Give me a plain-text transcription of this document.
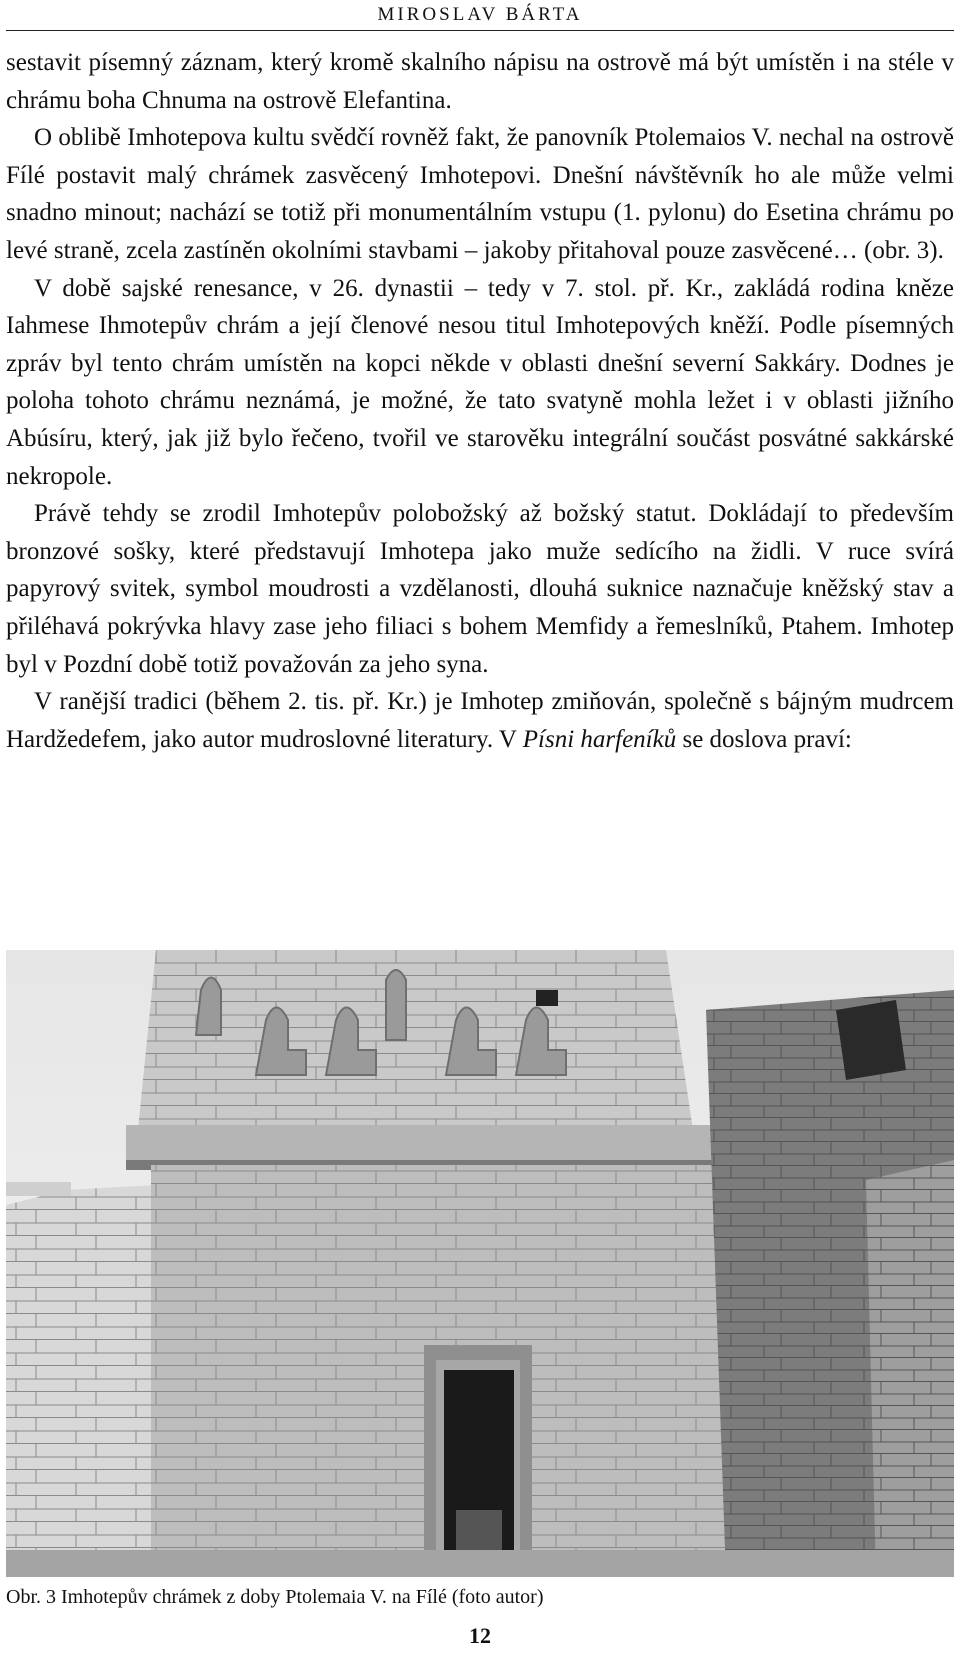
MIROSLAV BÁRTA

sestavit písemný záznam, který kromě skalního nápisu na ostrově má být umístěn i na stéle v chrámu boha Chnuma na ostrově Elefantina.

O oblibě Imhotepova kultu svědčí rovněž fakt, že panovník Ptolemaios V. nechal na ostrově Fílé postavit malý chrámek zasvěcený Imhotepovi. Dnešní návštěvník ho ale může velmi snadno minout; nachází se totiž při monumentálním vstupu (1. pylonu) do Esetina chrámu po levé straně, zcela zastíněn okolními stavbami – jakoby přitahoval pouze zasvěcené… (obr. 3).

V době sajské renesance, v 26. dynastii – tedy v 7. stol. př. Kr., zakládá rodina kněze Iahmese Ihmotepův chrám a její členové nesou titul Imhotepových kněží. Podle písemných zpráv byl tento chrám umístěn na kopci někde v oblasti dnešní severní Sakkáry. Dodnes je poloha tohoto chrámu neznámá, je možné, že tato svatyně mohla ležet i v oblasti jižního Abúsíru, který, jak již bylo řečeno, tvořil ve starověku integrální součást posvátné sakkárské nekropole.

Právě tehdy se zrodil Imhotepův polobožský až božský statut. Dokládají to především bronzové sošky, které představují Imhotepa jako muže sedícího na židli. V ruce svírá papyrový svitek, symbol moudrosti a vzdělanosti, dlouhá suknice naznačuje kněžský stav a přiléhavá pokrývka hlavy zase jeho filiaci s bohem Memfidy a řemeslníků, Ptahem. Imhotep byl v Pozdní době totiž považován za jeho syna.

V ranější tradici (během 2. tis. př. Kr.) je Imhotep zmiňován, společně s bájným mudrcem Hardžedefem, jako autor mudroslovné literatury. V Písni harfeníků se doslova praví:

Obr. 3 Imhotepův chrámek z doby Ptolemaia V. na Fílé (foto autor)
12
